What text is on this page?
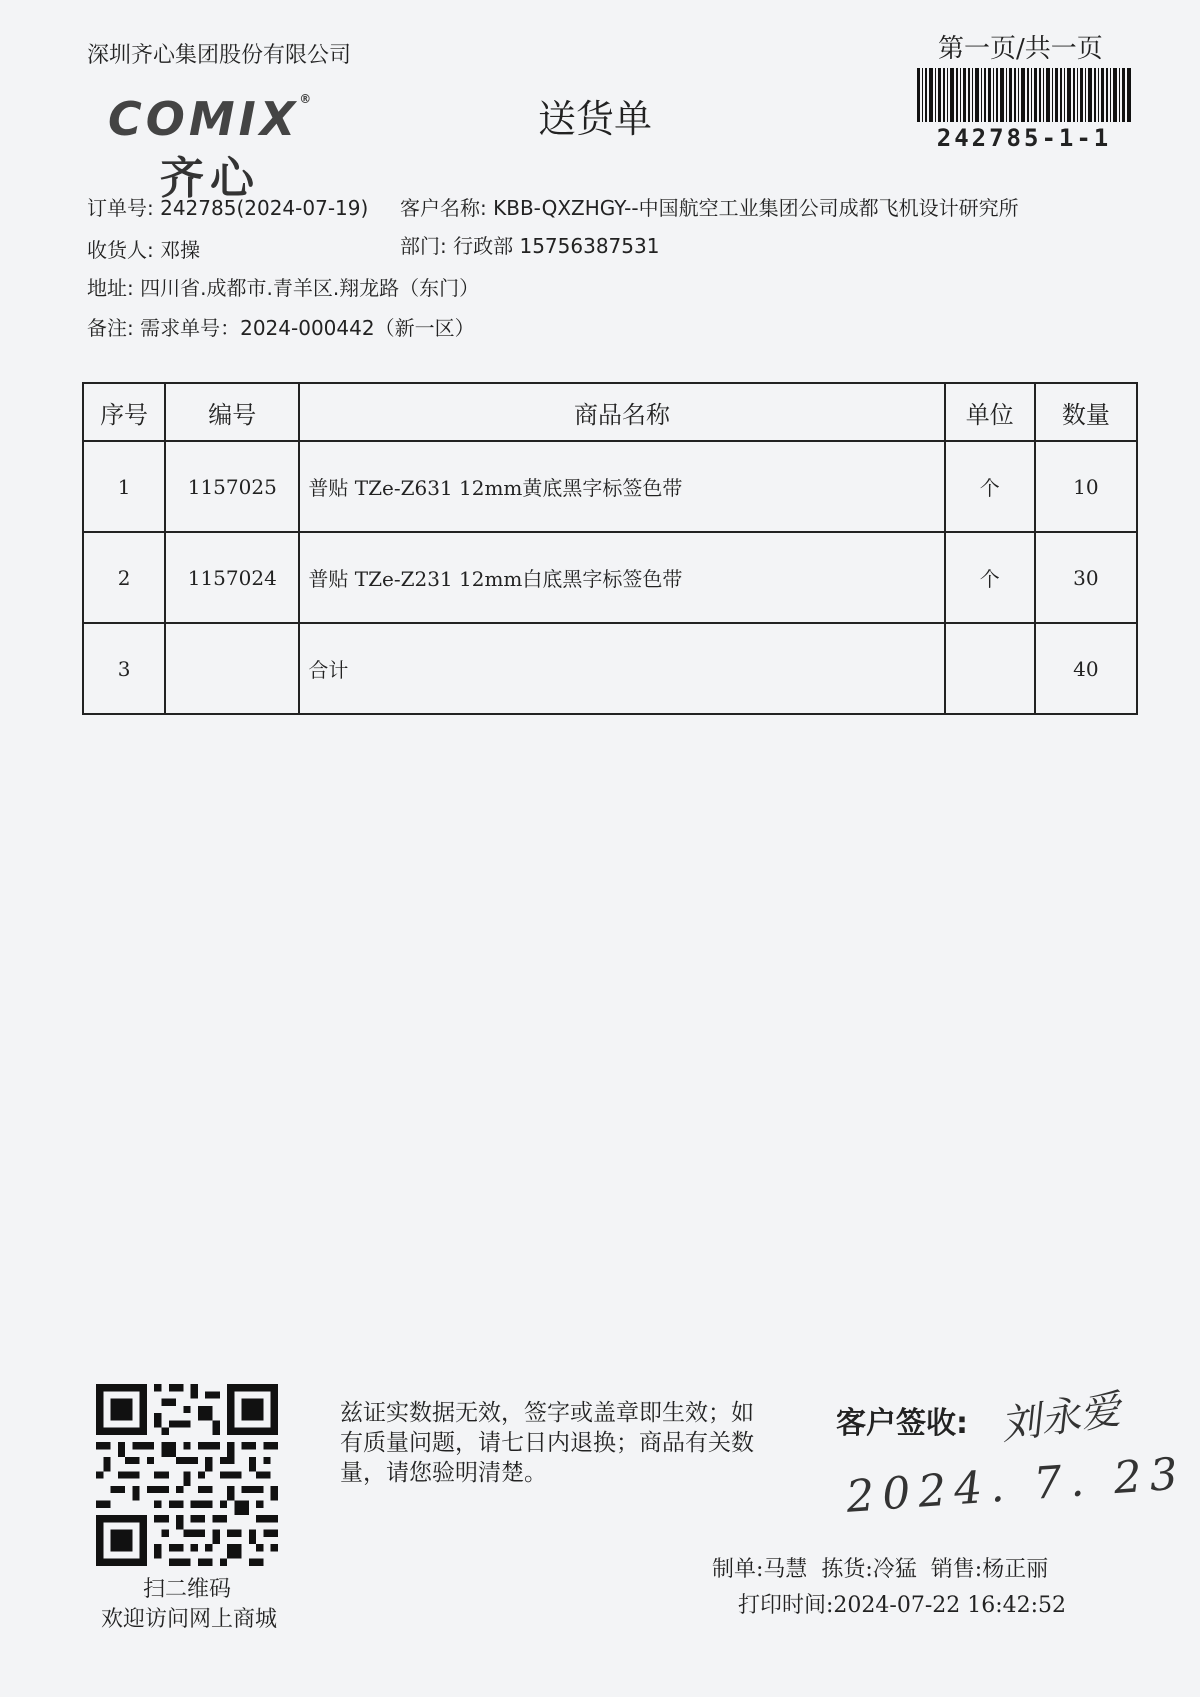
深圳齐心集团股份有限公司	第一页/共一页
COMIX®
齐心
送货单	242785-1-1
订单号: 242785(2024-07-19) 客户名称: KBB-QXZHGY--中国航空工业集团公司成都飞机设计研究所
收货人: 邓操	部门: 行政部 15756387531
地址: 四川省.成都市.青羊区.翔龙路（东门）
备注: 需求单号：2024-000442（新一区）
序号	编号	商品名称	单位	数量
1	1157025	普贴 TZe-Z631 12mm黄底黑字标签色带	个	10
2	1157024	普贴 TZe-Z231 12mm白底黑字标签色带	个	30
3		合计		40
扫二维码
欢迎访问网上商城
兹证实数据无效，签字或盖章即生效；如有质量问题，请七日内退换；商品有关数量，请您验明清楚。
客户签收: 刘永爱
2024. 7. 23
制单:马慧  拣货:冷猛  销售:杨正丽
打印时间:2024-07-22 16:42:52
